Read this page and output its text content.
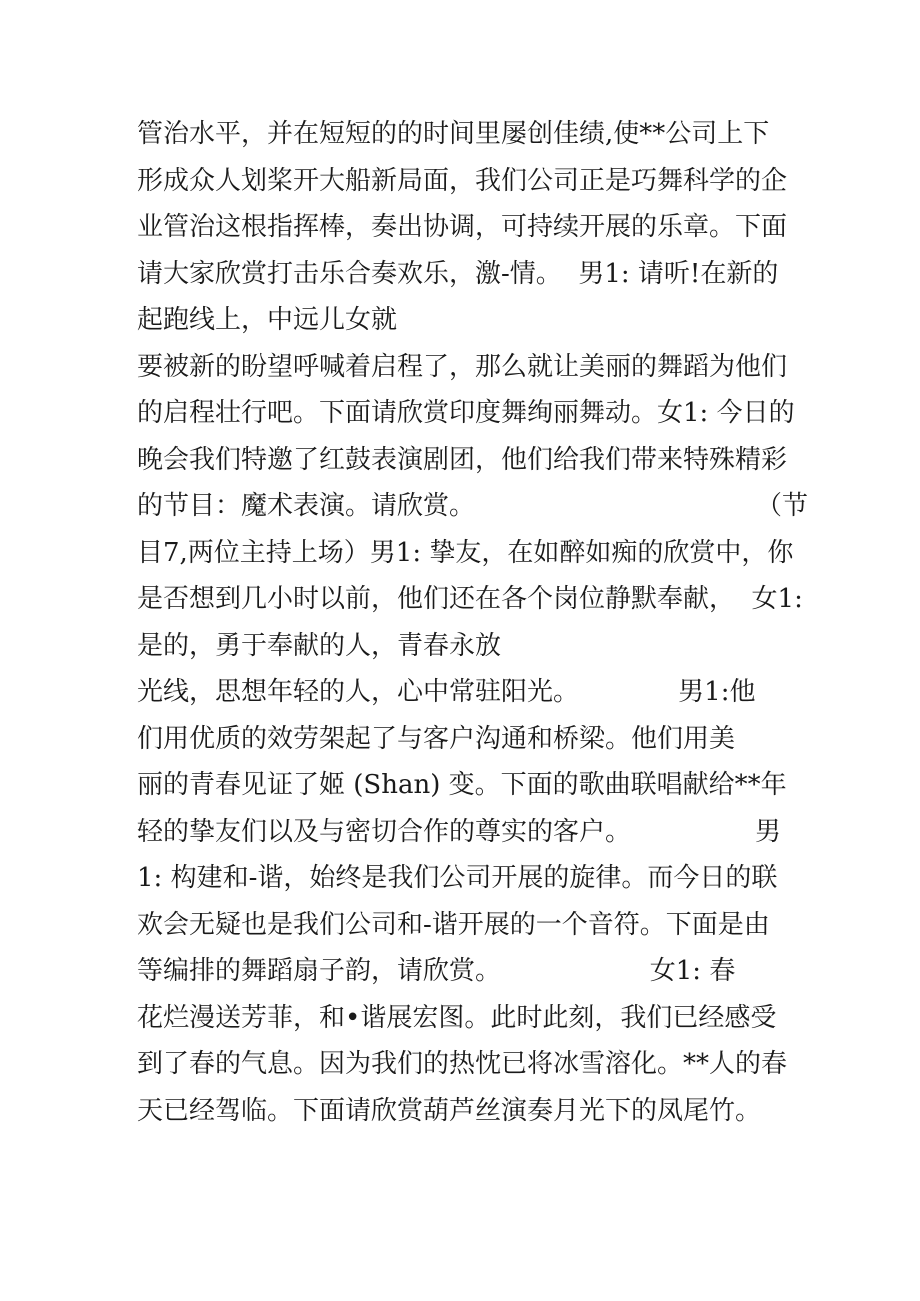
管治水平，并在短短的的时间里屡创佳绩,使**公司上下
形成众人划桨开大船新局面，我们公司正是巧舞科学的企
业管治这根指挥棒，奏出协调，可持续开展的乐章。下面
请大家欣赏打击乐合奏欢乐，激-情。  男1: 请听!在新的
起跑线上，中远儿女就
要被新的盼望呼喊着启程了，那么就让美丽的舞蹈为他们
的启程壮行吧。下面请欣赏印度舞绚丽舞动。女1: 今日的
晚会我们特邀了红鼓表演剧团，他们给我们带来特殊精彩
的节目：魔术表演。请欣赏。                                  （节
目7,两位主持上场）男1: 挚友，在如醉如痴的欣赏中，你
是否想到几小时以前，他们还在各个岗位静默奉献，  女1:
是的，勇于奉献的人，青春永放
光线，思想年轻的人，心中常驻阳光。            男1:他
们用优质的效劳架起了与客户沟通和桥梁。他们用美
丽的青春见证了姬 (Shan) 变。下面的歌曲联唱献给**年
轻的挚友们以及与密切合作的尊实的客户。               男
1: 构建和-谐，始终是我们公司开展的旋律。而今日的联
欢会无疑也是我们公司和-谐开展的一个音符。下面是由
等编排的舞蹈扇子韵，请欣赏。                  女1: 春
花烂漫送芳菲，和•谐展宏图。此时此刻，我们已经感受
到了春的气息。因为我们的热忱已将冰雪溶化。**人的春
天已经驾临。下面请欣赏葫芦丝演奏月光下的凤尾竹。
